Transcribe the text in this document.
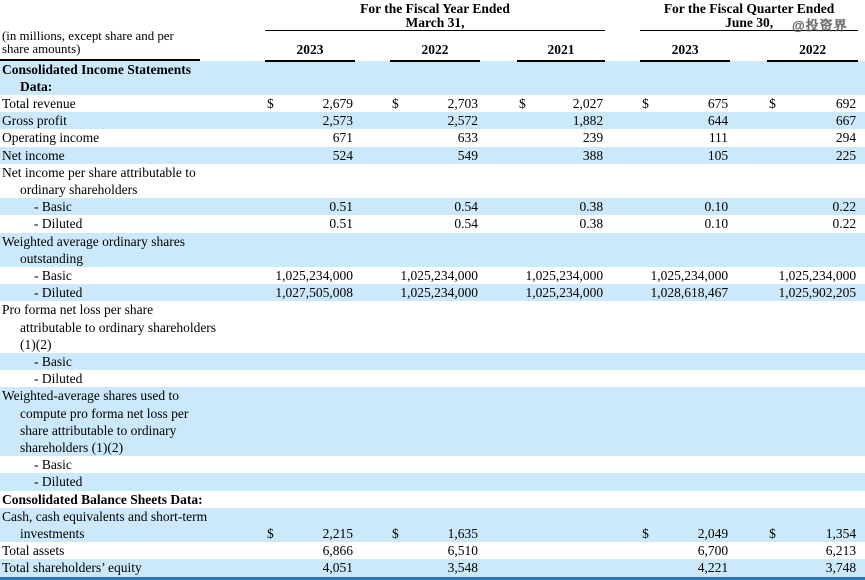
@投资界
(in millions, except share and per
share amounts)		For the Fiscal Year Ended
March 31,						For the Fiscal Quarter Ended
June 30,			
		2023		2022		2021		2023		2022	

Consolidated Income Statements
Data:											

Total revenue		$ 2,679		$ 2,703		$ 2,027		$ 675		$ 692	

Gross profit		2,573		2,572		1,882		644		667	

Operating income		671		633		239		111		294	

Net income		524		549		388		105		225	

Net income per share attributable to
ordinary shareholders											

- Basic		0.51		0.54		0.38		0.10		0.22	

- Diluted		0.51		0.54		0.38		0.10		0.22	

Weighted average ordinary shares
outstanding											

- Basic		1,025,234,000		1,025,234,000		1,025,234,000		1,025,234,000		1,025,234,000	

- Diluted		1,027,505,008		1,025,234,000		1,025,234,000		1,028,618,467		1,025,902,205	

Pro forma net loss per share
attributable to ordinary shareholders
(1)(2)											

- Basic											

- Diluted											

Weighted-average shares used to
compute pro forma net loss per
share attributable to ordinary
shareholders (1)(2)											

- Basic											

- Diluted											

Consolidated Balance Sheets Data:											

Cash, cash equivalents and short-term
investments		$	2,215		$	1,635				$	2,049		$	1,354

Total assets		6,866		6,510				6,700		6,213	

Total shareholders’ equity		4,051		3,548				4,221		3,748	
